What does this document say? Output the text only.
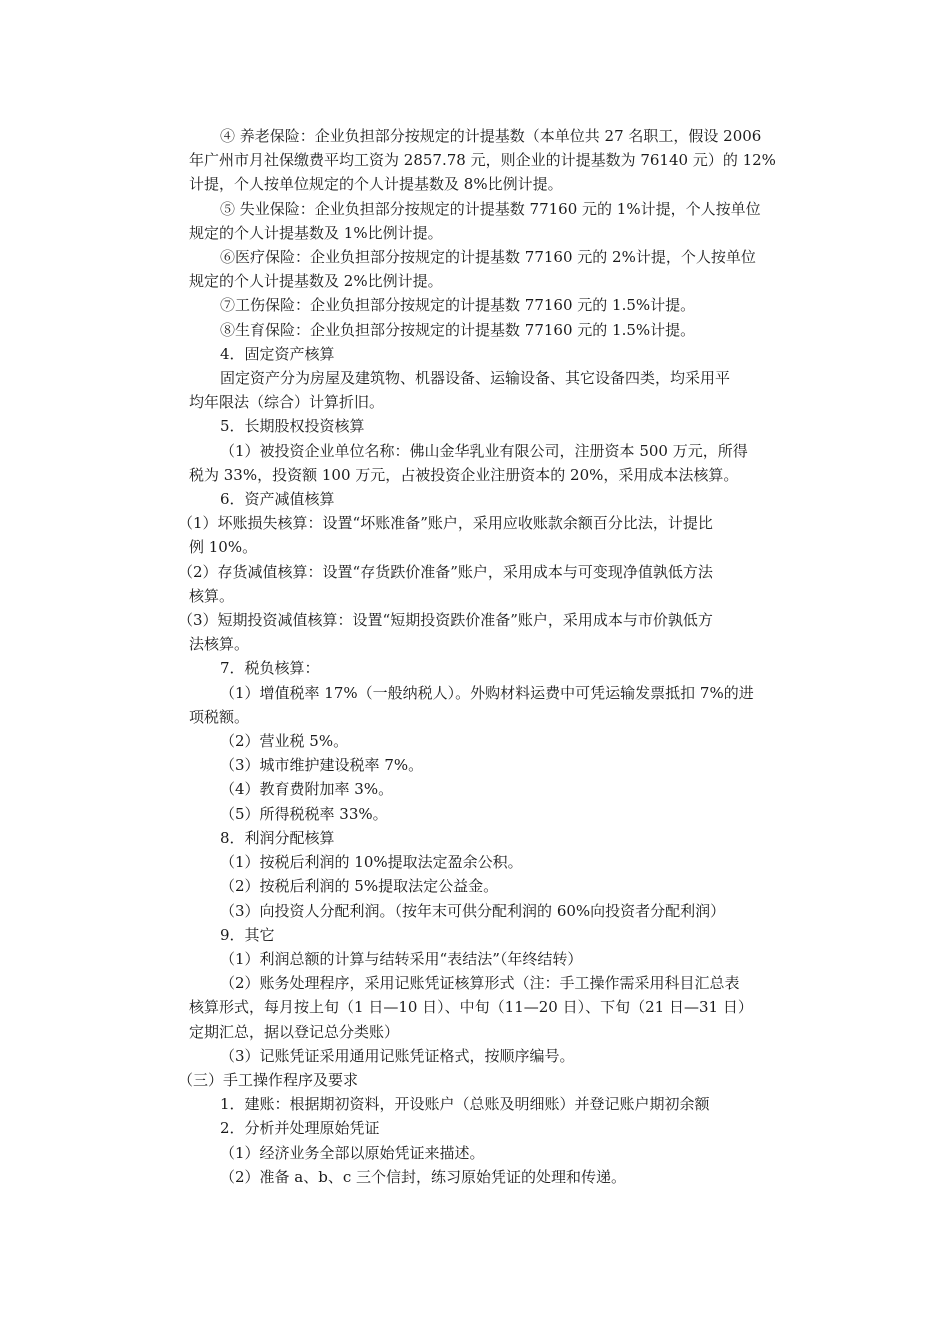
④ 养老保险：企业负担部分按规定的计提基数（本单位共 27 名职工，假设 2006
年广州市月社保缴费平均工资为 2857.78 元，则企业的计提基数为 76140 元）的 12%
计提，个人按单位规定的个人计提基数及 8%比例计提。
⑤ 失业保险：企业负担部分按规定的计提基数 77160 元的 1%计提，个人按单位
规定的个人计提基数及 1%比例计提。
⑥医疗保险：企业负担部分按规定的计提基数 77160 元的 2%计提，个人按单位
规定的个人计提基数及 2%比例计提。
⑦工伤保险：企业负担部分按规定的计提基数 77160 元的 1.5%计提。
⑧生育保险：企业负担部分按规定的计提基数 77160 元的 1.5%计提。
4．固定资产核算
固定资产分为房屋及建筑物、机器设备、运输设备、其它设备四类，均采用平
均年限法（综合）计算折旧。
5．长期股权投资核算
（1）被投资企业单位名称：佛山金华乳业有限公司，注册资本 500 万元，所得
税为 33%，投资额 100 万元，占被投资企业注册资本的 20%，采用成本法核算。
6．资产减值核算
（1）坏账损失核算：设置“坏账准备”账户，采用应收账款余额百分比法，计提比
例 10%。
（2）存货减值核算：设置“存货跌价准备”账户，采用成本与可变现净值孰低方法
核算。
（3）短期投资减值核算：设置“短期投资跌价准备”账户，采用成本与市价孰低方
法核算。
7．税负核算：
（1）增值税率 17%（一般纳税人）。外购材料运费中可凭运输发票抵扣 7%的进
项税额。
（2）营业税 5%。
（3）城市维护建设税率 7%。
（4）教育费附加率 3%。
（5）所得税税率 33%。
8．利润分配核算
（1）按税后利润的 10%提取法定盈余公积。
（2）按税后利润的 5%提取法定公益金。
（3）向投资人分配利润。（按年末可供分配利润的 60%向投资者分配利润）
9．其它
（1）利润总额的计算与结转采用“表结法”（年终结转）
（2）账务处理程序，采用记账凭证核算形式（注：手工操作需采用科目汇总表
核算形式，每月按上旬（1 日—10 日）、中旬（11—20 日）、下旬（21 日—31 日）
定期汇总，据以登记总分类账）
（3）记账凭证采用通用记账凭证格式，按顺序编号。
（三）手工操作程序及要求
1．建账：根据期初资料，开设账户（总账及明细账）并登记账户期初余额
2．分析并处理原始凭证
（1）经济业务全部以原始凭证来描述。
（2）准备 a、b、c 三个信封，练习原始凭证的处理和传递。
